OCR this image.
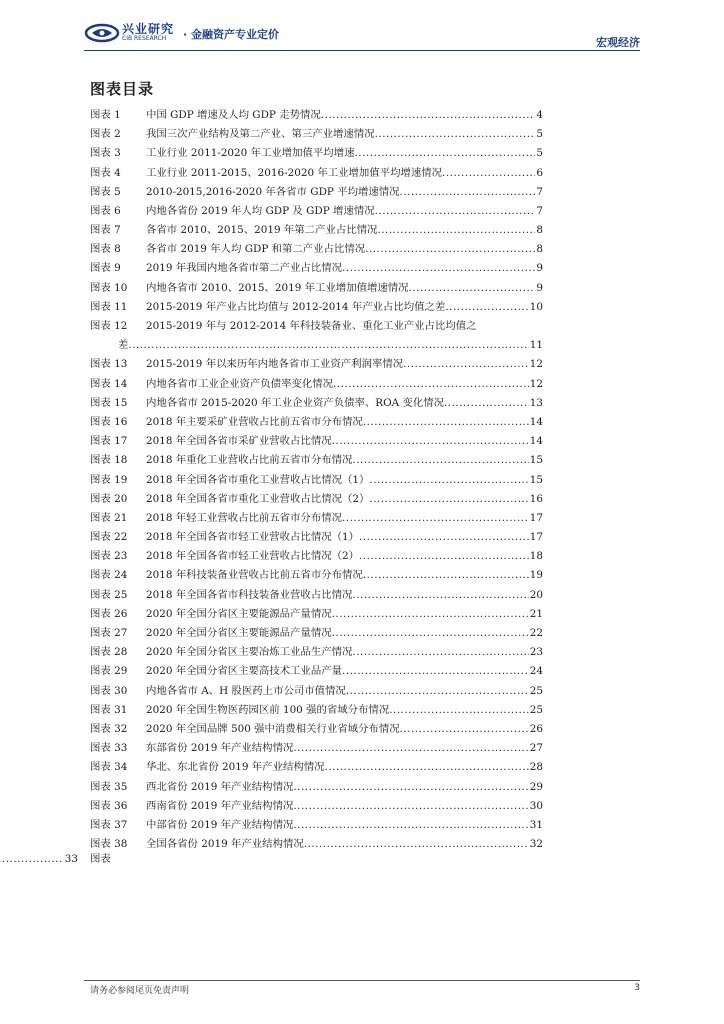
兴业研究
CIB RESEARCH · 金融资产专业定价
宏观经济
图表目录
图表 1	中国 GDP 增速及人均 GDP 走势情况 .....	4
图表 2	我国三次产业结构及第二产业、第三产业增速情况 .....	5
图表 3	工业行业 2011-2020 年工业增加值平均增速 .....	5
图表 4	工业行业 2011-2015、2016-2020 年工业增加值平均增速情况 .....	6
图表 5	2010-2015,2016-2020 年各省市 GDP 平均增速情况 .....	7
图表 6	内地各省份 2019 年人均 GDP 及 GDP 增速情况 .....	7
图表 7	各省市 2010、2015、2019 年第二产业占比情况 .....	8
图表 8	各省市 2019 年人均 GDP 和第二产业占比情况 .....	8
图表 9	2019 年我国内地各省市第二产业占比情况 .....	9
图表 10	内地各省市 2010、2015、2019 年工业增加值增速情况 .....	9
图表 11	2015-2019 年产业占比均值与 2012-2014 年产业占比均值之差 .....	10
图表 12	2015-2019 年与 2012-2014 年科技装备业、重化工业产业占比均值之
差 .....	11
图表 13	2015-2019 年以来历年内地各省市工业资产利润率情况 .....	12
图表 14	内地各省市工业企业资产负债率变化情况 .....	12
图表 15	内地各省市 2015-2020 年工业企业资产负债率、ROA 变化情况 .....	13
图表 16	2018 年主要采矿业营收占比前五省市分布情况 .....	14
图表 17	2018 年全国各省市采矿业营收占比情况 .....	14
图表 18	2018 年重化工业营收占比前五省市分布情况 .....	15
图表 19	2018 年全国各省市重化工业营收占比情况（1） .....	15
图表 20	2018 年全国各省市重化工业营收占比情况（2） .....	16
图表 21	2018 年轻工业营收占比前五省市分布情况 .....	17
图表 22	2018 年全国各省市轻工业营收占比情况（1） .....	17
图表 23	2018 年全国各省市轻工业营收占比情况（2） .....	18
图表 24	2018 年科技装备业营收占比前五省市分布情况 .....	19
图表 25	2018 年全国各省市科技装备业营收占比情况 .....	20
图表 26	2020 年全国分省区主要能源品产量情况 .....	21
图表 27	2020 年全国分省区主要能源品产量情况 .....	22
图表 28	2020 年全国分省区主要冶炼工业品生产情况 .....	23
图表 29	2020 年全国分省区主要高技术工业品产量 .....	24
图表 30	内地各省市 A、H 股医药上市公司市值情况 .....	25
图表 31	2020 年全国生物医药园区前 100 强的省域分布情况 .....	25
图表 32	2020 年全国品牌 500 强中消费相关行业省域分布情况 .....	26
图表 33	东部省份 2019 年产业结构情况 .....	27
图表 34	华北、东北省份 2019 年产业结构情况 .....	28
图表 35	西北省份 2019 年产业结构情况 .....	29
图表 36	西南省份 2019 年产业结构情况 .....	30
图表 37	中部省份 2019 年产业结构情况 .....	31
图表 38	全国各省份 2019 年产业结构情况 .....	32
.....
33	图表
请务必参阅尾页免责声明	3
